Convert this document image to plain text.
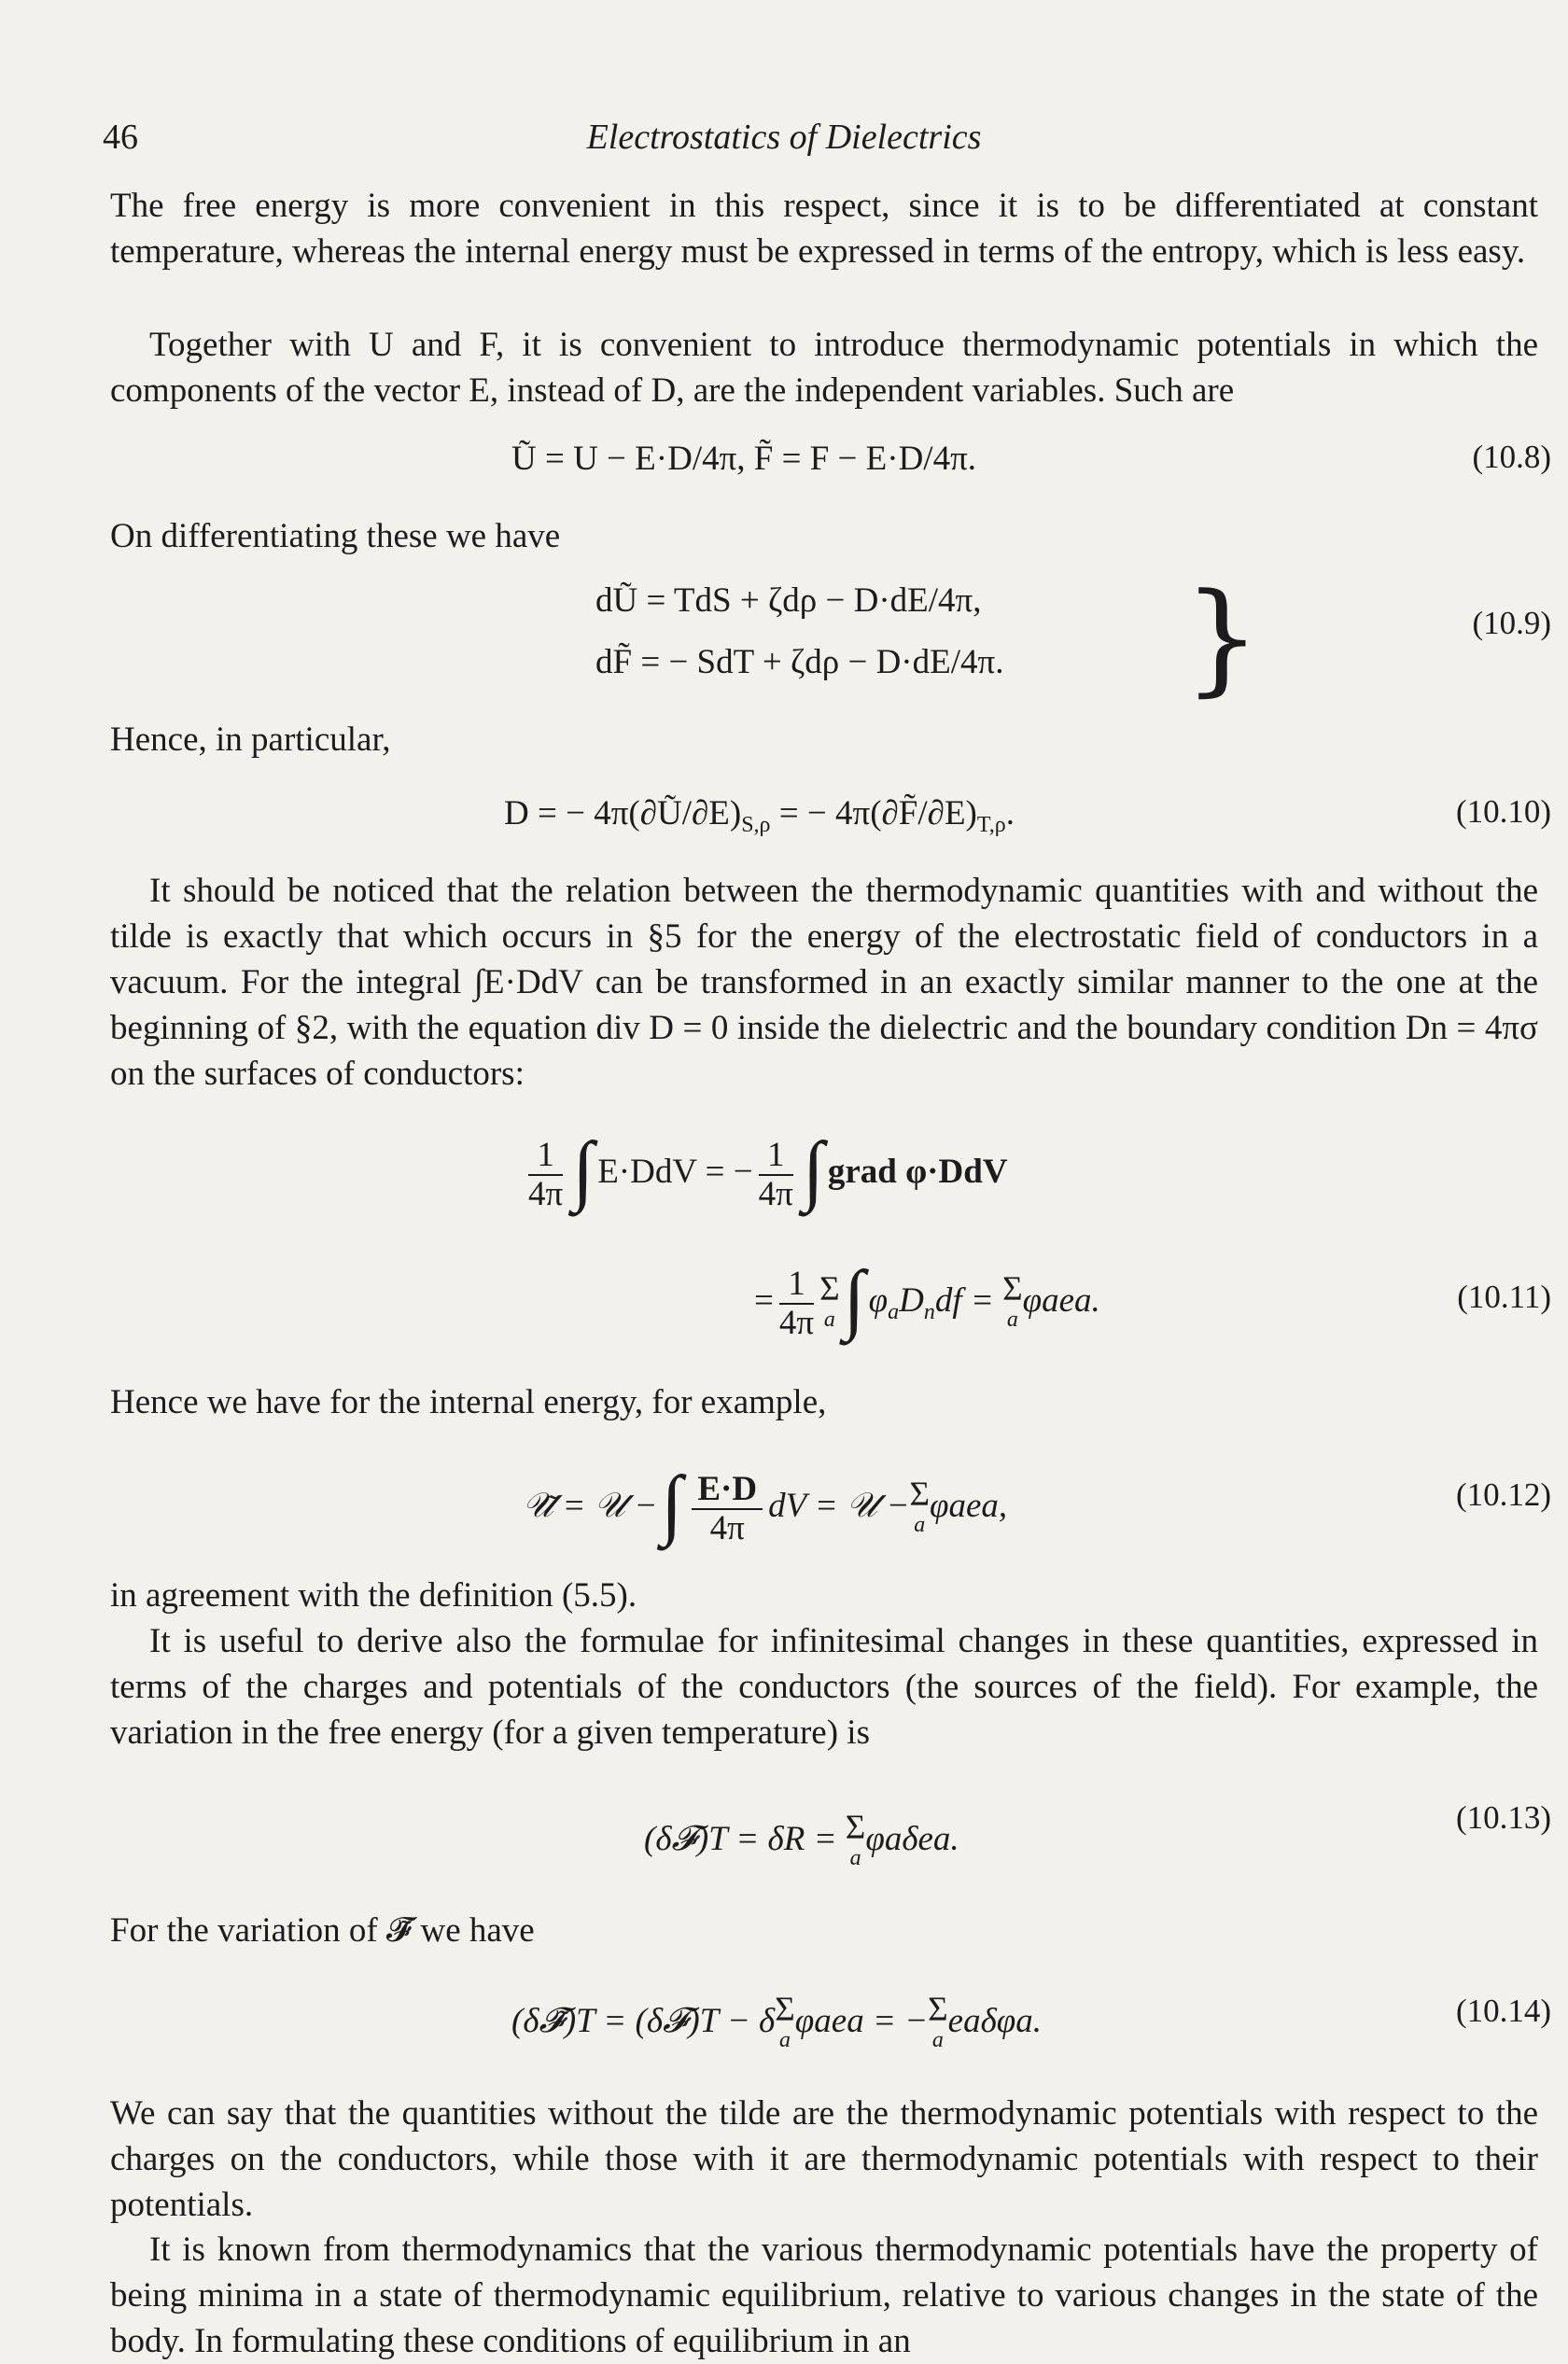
46	Electrostatics of Dielectrics

The free energy is more convenient in this respect, since it is to be differentiated at constant temperature, whereas the internal energy must be expressed in terms of the entropy, which is less easy.

Together with U and F, it is convenient to introduce thermodynamic potentials in which the components of the vector E, instead of D, are the independent variables. Such are

Ũ = U − E·D/4π, F̃ = F − E·D/4π.	(10.8)

On differentiating these we have

dŨ = TdS + ζdρ − D·dE/4π,
dF̃ = − SdT + ζdρ − D·dE/4π. }	(10.9)

Hence, in particular,

D = − $4\pi(\partial Ũ/\partial E)_{S,\rho}$ = − $4\pi(\partial F̃/\partial E)_{T,\rho}$.	(10.10)

It should be noticed that the relation between the thermodynamic quantities with and without the tilde is exactly that which occurs in §5 for the energy of the electrostatic field of conductors in a vacuum. For the integral ∫E·DdV can be transformed in an exactly similar manner to the one at the beginning of §2, with the equation div D = 0 inside the dielectric and the boundary condition Dn = 4πσ on the surfaces of conductors:

$\frac{1}{4\pi}$ ∫ E·DdV = − $\frac{1}{4\pi}$ ∫ grad φ·DdV
= $\frac{1}{4\pi}$ Σ
a ∫ $\varphi_aD_ndf = \Sigma$
a φaea.	(10.11)

Hence we have for the internal energy, for example,

𝒰̃ = 𝒰 −∫ $\frac{E\cdot D}{4\pi}$ dV = 𝒰 − Σ
a φaea,	(10.12)

in agreement with the definition (5.5).

It is useful to derive also the formulae for infinitesimal changes in these quantities, expressed in terms of the charges and potentials of the conductors (the sources of the field). For example, the variation in the free energy (for a given temperature) is

(δ𝓕)T = δR = Σ
a φaδea.
(10.13)

For the variation of 𝓕̃ we have

(δ𝓕̃)T = (δ𝓕)T − δ Σ
a φaea = − Σ
a eaδφa.	(10.14)

We can say that the quantities without the tilde are the thermodynamic potentials with respect to the charges on the conductors, while those with it are thermodynamic potentials with respect to their potentials.

It is known from thermodynamics that the various thermodynamic potentials have the property of being minima in a state of thermodynamic equilibrium, relative to various changes in the state of the body. In formulating these conditions of equilibrium in an
